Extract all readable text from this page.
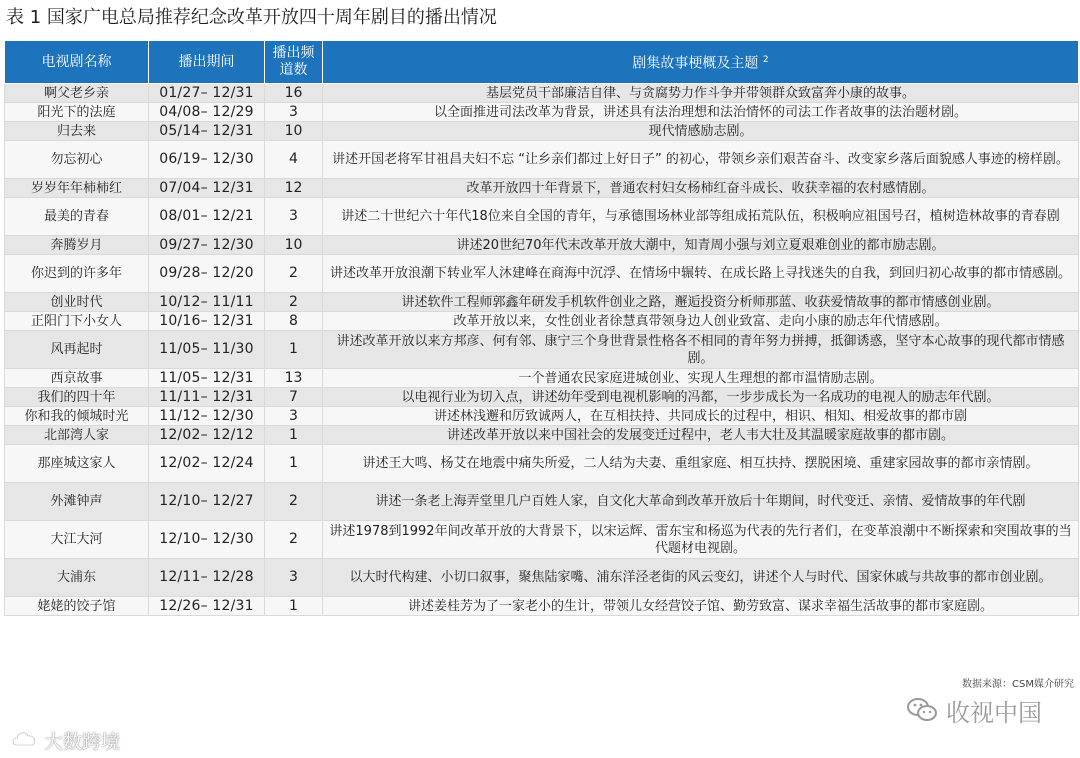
表 1 国家广电总局推荐纪念改革开放四十周年剧目的播出情况
电视剧名称	播出期间	播出频道数	剧集故事梗概及主题 $^2$
啊父老乡亲	01/27– 12/31	16	基层党员干部廉洁自律、与贪腐势力作斗争并带领群众致富奔小康的故事。
阳光下的法庭	04/08– 12/29	3	以全面推进司法改革为背景，讲述具有法治理想和法治情怀的司法工作者故事的法治题材剧。
归去来	05/14– 12/31	10	现代情感励志剧。
勿忘初心	06/19– 12/30	4	讲述开国老将军甘祖昌夫妇不忘 “让乡亲们都过上好日子” 的初心，带领乡亲们艰苦奋斗、改变家乡落后面貌感人事迹的榜样剧。
岁岁年年柿柿红	07/04– 12/31	12	改革开放四十年背景下，普通农村妇女杨柿红奋斗成长、收获幸福的农村感情剧。
最美的青春	08/01– 12/21	3	讲述二十世纪六十年代18位来自全国的青年，与承德围场林业部等组成拓荒队伍，积极响应祖国号召，植树造林故事的青春剧
奔腾岁月	09/27– 12/30	10	讲述20世纪70年代末改革开放大潮中，知青周小强与刘立夏艰难创业的都市励志剧。
你迟到的许多年	09/28– 12/20	2	讲述改革开放浪潮下转业军人沐建峰在商海中沉浮、在情场中辗转、在成长路上寻找迷失的自我，到回归初心故事的都市情感剧。
创业时代	10/12– 11/11	2	讲述软件工程师郭鑫年研发手机软件创业之路，邂逅投资分析师那蓝、收获爱情故事的都市情感创业剧。
正阳门下小女人	10/16– 12/31	8	改革开放以来，女性创业者徐慧真带领身边人创业致富、走向小康的励志年代情感剧。
风再起时	11/05– 11/30	1	讲述改革开放以来方邦彦、何有邻、康宁三个身世背景性格各不相同的青年努力拼搏，抵御诱惑，坚守本心故事的现代都市情感剧。
西京故事	11/05– 12/31	13	一个普通农民家庭进城创业、实现人生理想的都市温情励志剧。
我们的四十年	11/11– 12/31	7	以电视行业为切入点，讲述幼年受到电视机影响的冯都，一步步成长为一名成功的电视人的励志年代剧。
你和我的倾城时光	11/12– 12/30	3	讲述林浅邂和厉致诚两人，在互相扶持、共同成长的过程中，相识、相知、相爱故事的都市剧
北部湾人家	12/02– 12/12	1	讲述改革开放以来中国社会的发展变迁过程中，老人韦大壮及其温暖家庭故事的都市剧。
那座城这家人	12/02– 12/24	1	讲述王大鸣、杨艾在地震中痛失所爱，二人结为夫妻、重组家庭、相互扶持、摆脱困境、重建家园故事的都市亲情剧。
外滩钟声	12/10– 12/27	2	讲述一条老上海弄堂里几户百姓人家，自文化大革命到改革开放后十年期间，时代变迁、亲情、爱情故事的年代剧
大江大河	12/10– 12/30	2	讲述1978到1992年间改革开放的大背景下，以宋运辉、雷东宝和杨巡为代表的先行者们，在变革浪潮中不断探索和突围故事的当代题材电视剧。
大浦东	12/11– 12/28	3	以大时代构建、小切口叙事，聚焦陆家嘴、浦东洋泾老街的风云变幻，讲述个人与时代、国家休戚与共故事的都市创业剧。
姥姥的饺子馆	12/26– 12/31	1	讲述姜桂芳为了一家老小的生计，带领儿女经营饺子馆、勤劳致富、谋求幸福生活故事的都市家庭剧。
数据来源：CSM媒介研究
收视中国
大数跨境
